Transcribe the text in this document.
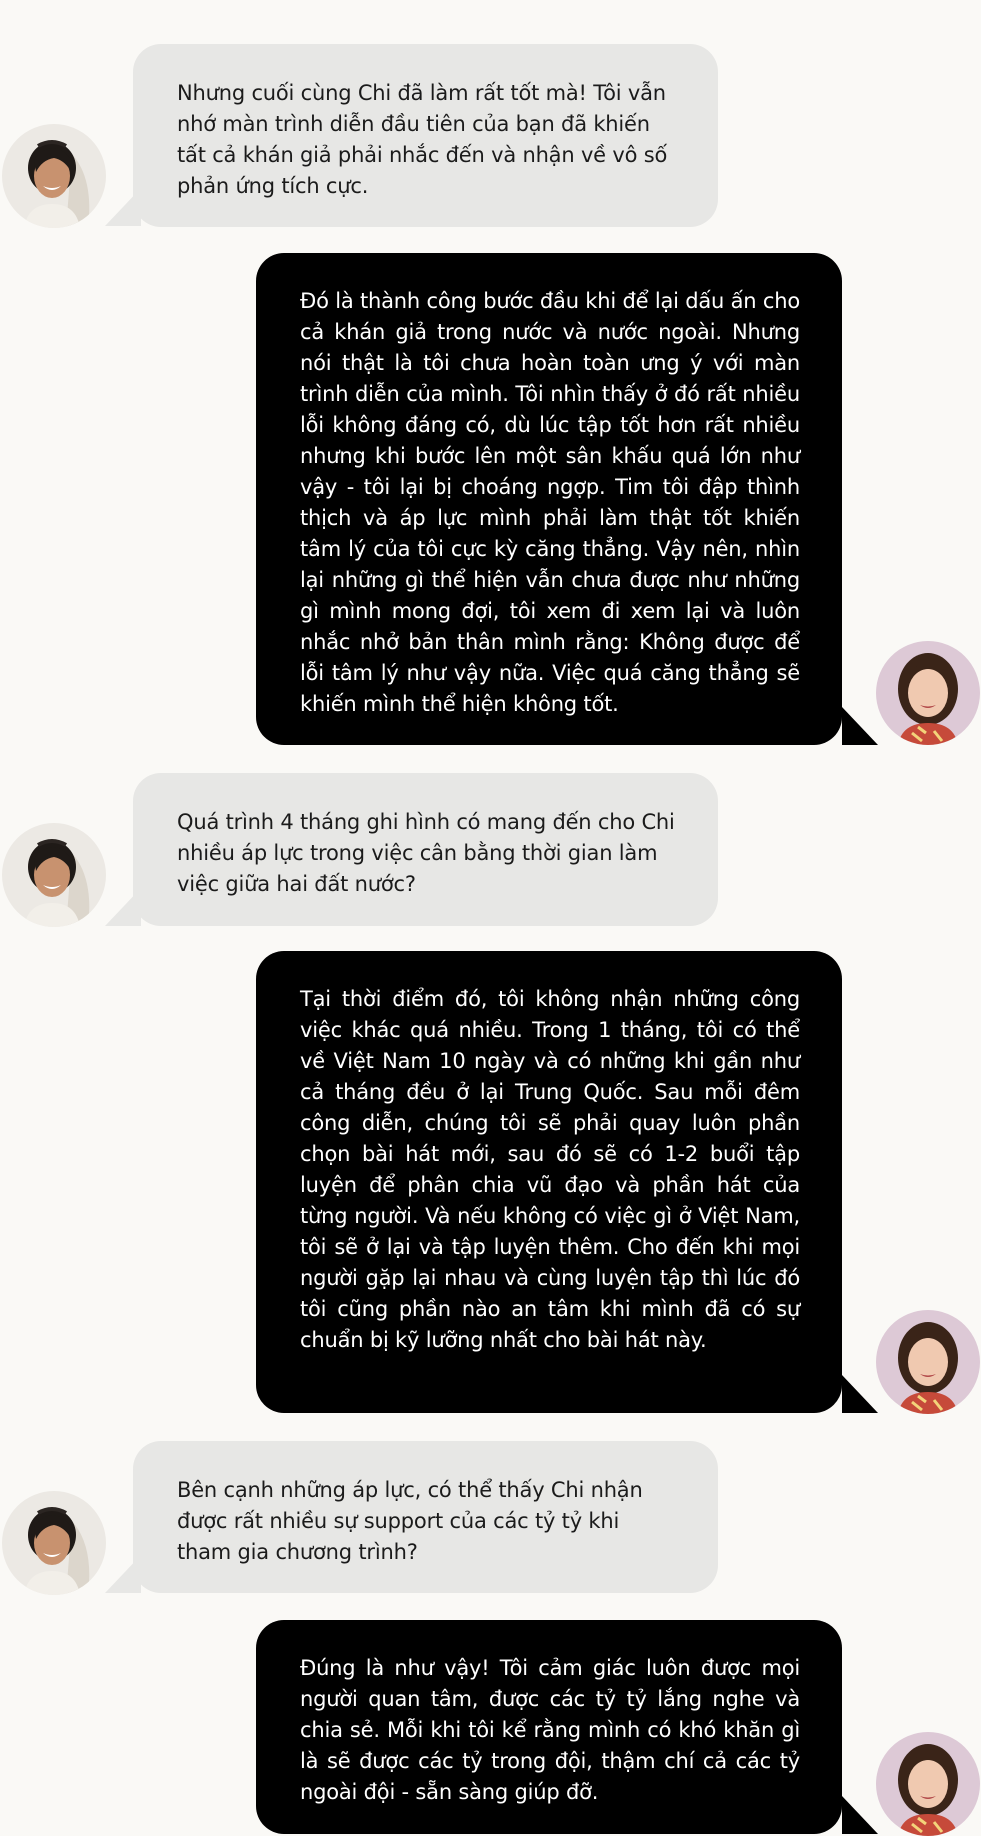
Nhưng cuối cùng Chi đã làm rất tốt mà! Tôi vẫn nhớ màn trình diễn đầu tiên của bạn đã khiến tất cả khán giả phải nhắc đến và nhận về vô số phản ứng tích cực.
Đó là thành công bước đầu khi để lại dấu ấn cho cả khán giả trong nước và nước ngoài. Nhưng nói thật là tôi chưa hoàn toàn ưng ý với màn trình diễn của mình. Tôi nhìn thấy ở đó rất nhiều lỗi không đáng có, dù lúc tập tốt hơn rất nhiều nhưng khi bước lên một sân khấu quá lớn như vậy - tôi lại bị choáng ngợp. Tim tôi đập thình thịch và áp lực mình phải làm thật tốt khiến tâm lý của tôi cực kỳ căng thẳng. Vậy nên, nhìn lại những gì thể hiện vẫn chưa được như những gì mình mong đợi, tôi xem đi xem lại và luôn nhắc nhở bản thân mình rằng: Không được để lỗi tâm lý như vậy nữa. Việc quá căng thẳng sẽ khiến mình thể hiện không tốt.
Quá trình 4 tháng ghi hình có mang đến cho Chi nhiều áp lực trong việc cân bằng thời gian làm việc giữa hai đất nước?
Tại thời điểm đó, tôi không nhận những công việc khác quá nhiều. Trong 1 tháng, tôi có thể về Việt Nam 10 ngày và có những khi gần như cả tháng đều ở lại Trung Quốc. Sau mỗi đêm công diễn, chúng tôi sẽ phải quay luôn phần chọn bài hát mới, sau đó sẽ có 1-2 buổi tập luyện để phân chia vũ đạo và phần hát của từng người. Và nếu không có việc gì ở Việt Nam, tôi sẽ ở lại và tập luyện thêm. Cho đến khi mọi người gặp lại nhau và cùng luyện tập thì lúc đó tôi cũng phần nào an tâm khi mình đã có sự chuẩn bị kỹ lưỡng nhất cho bài hát này.
Bên cạnh những áp lực, có thể thấy Chi nhận được rất nhiều sự support của các tỷ tỷ khi tham gia chương trình?
Đúng là như vậy! Tôi cảm giác luôn được mọi người quan tâm, được các tỷ tỷ lắng nghe và chia sẻ. Mỗi khi tôi kể rằng mình có khó khăn gì là sẽ được các tỷ trong đội, thậm chí cả các tỷ ngoài đội - sẵn sàng giúp đỡ.
